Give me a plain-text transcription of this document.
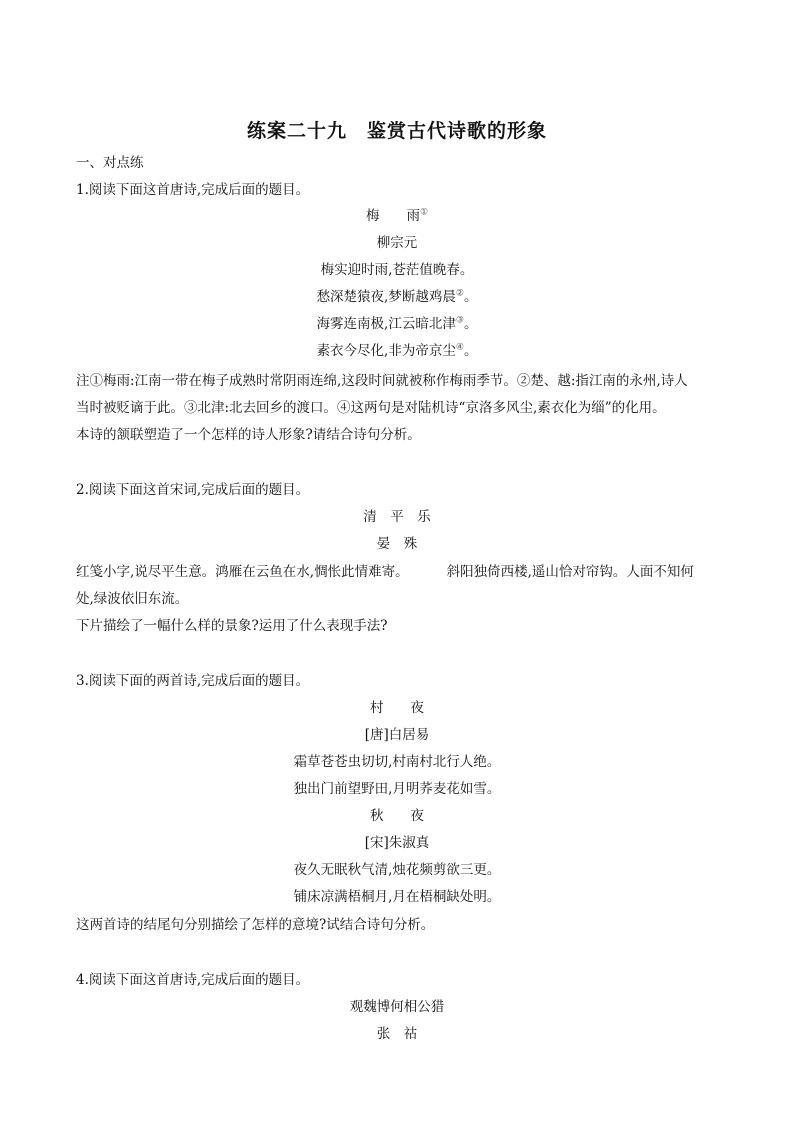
练案二十九　鉴赏古代诗歌的形象
一、对点练
1.阅读下面这首唐诗,完成后面的题目。
梅　　雨①
柳宗元
梅实迎时雨,苍茫值晚春。
愁深楚猿夜,梦断越鸡晨②。
海雾连南极,江云暗北津③。
素衣今尽化,非为帝京尘④。
注①梅雨:江南一带在梅子成熟时常阴雨连绵,这段时间就被称作梅雨季节。②楚、越:指江南的永州,诗人
当时被贬谪于此。③北津:北去回乡的渡口。④这两句是对陆机诗“京洛多风尘,素衣化为缁”的化用。
本诗的颔联塑造了一个怎样的诗人形象?请结合诗句分析。
2.阅读下面这首宋词,完成后面的题目。
清　平　乐
晏　殊
红笺小字,说尽平生意。鸿雁在云鱼在水,惆怅此情难寄。	斜阳独倚西楼,遥山恰对帘钩。人面不知何
处,绿波依旧东流。
下片描绘了一幅什么样的景象?运用了什么表现手法?
3.阅读下面的两首诗,完成后面的题目。
村　　夜
[唐]白居易
霜草苍苍虫切切,村南村北行人绝。
独出门前望野田,月明荞麦花如雪。
秋　　夜
[宋]朱淑真
夜久无眠秋气清,烛花频剪欲三更。
铺床凉满梧桐月,月在梧桐缺处明。
这两首诗的结尾句分别描绘了怎样的意境?试结合诗句分析。
4.阅读下面这首唐诗,完成后面的题目。
观魏博何相公猎
张　祜
